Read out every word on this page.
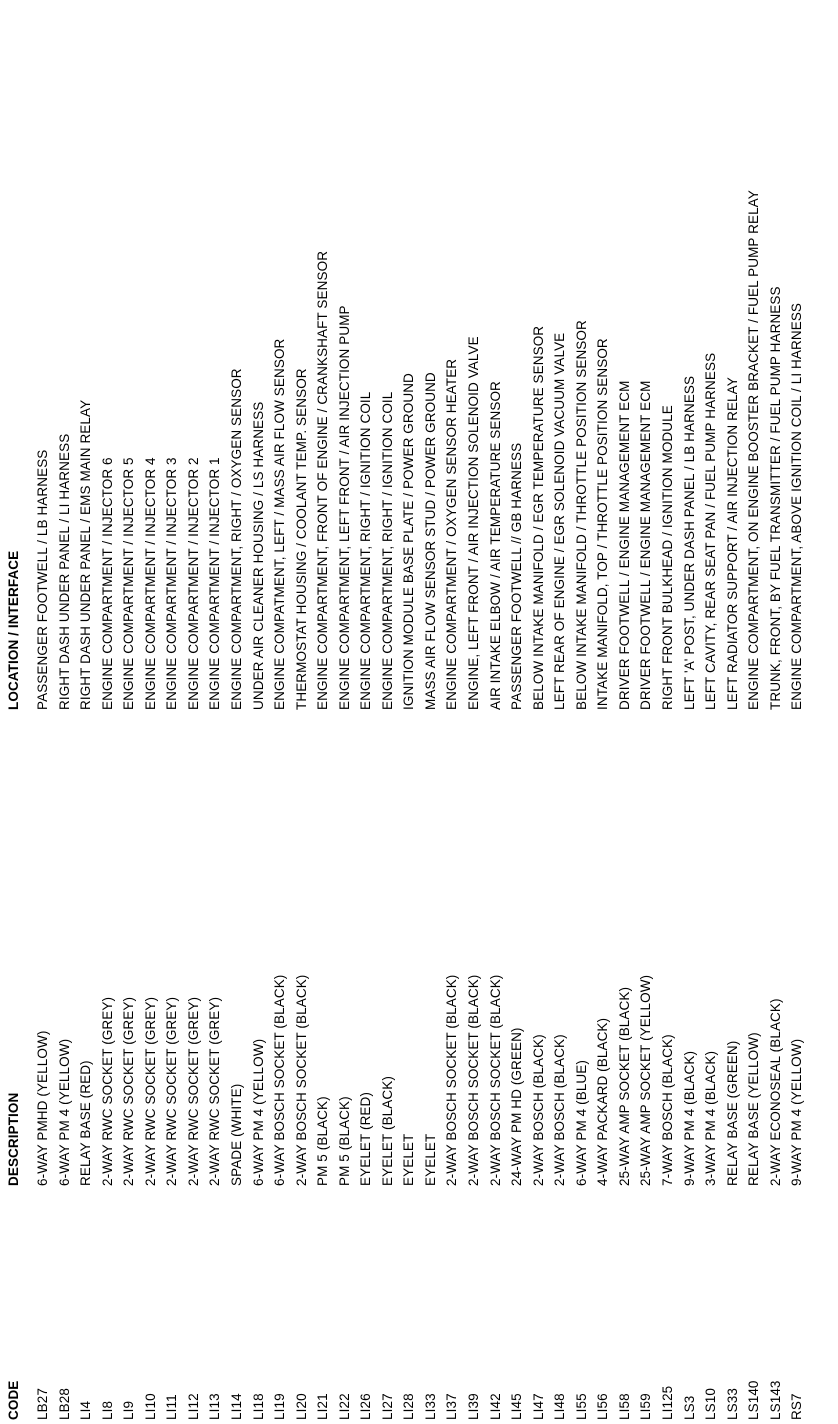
CODE
DESCRIPTION
LOCATION / INTERFACE
LB27
6-WAY PMHD (YELLOW)
PASSENGER FOOTWELL / LB HARNESS
LB28
6-WAY PM 4 (YELLOW)
RIGHT DASH UNDER PANEL / LI HARNESS
LI4
RELAY BASE (RED)
RIGHT DASH UNDER PANEL / EMS MAIN RELAY
LI8
2-WAY RWC SOCKET (GREY)
ENGINE COMPARTMENT / INJECTOR 6
LI9
2-WAY RWC SOCKET (GREY)
ENGINE COMPARTMENT / INJECTOR 5
LI10
2-WAY RWC SOCKET (GREY)
ENGINE COMPARTMENT / INJECTOR 4
LI11
2-WAY RWC SOCKET (GREY)
ENGINE COMPARTMENT / INJECTOR 3
LI12
2-WAY RWC SOCKET (GREY)
ENGINE COMPARTMENT / INJECTOR 2
LI13
2-WAY RWC SOCKET (GREY)
ENGINE COMPARTMENT / INJECTOR 1
LI14
SPADE (WHITE)
ENGINE COMPARTMENT, RIGHT / OXYGEN SENSOR
LI18
6-WAY PM 4 (YELLOW)
UNDER AIR CLEANER HOUSING / LS HARNESS
LI19
6-WAY BOSCH SOCKET (BLACK)
ENGINE COMPATMENT, LEFT / MASS AIR FLOW SENSOR
LI20
2-WAY BOSCH SOCKET (BLACK)
THERMOSTAT HOUSING / COOLANT TEMP. SENSOR
LI21
PM 5 (BLACK)
ENGINE COMPARTMENT, FRONT OF ENGINE / CRANKSHAFT SENSOR
LI22
PM 5 (BLACK)
ENGINE COMPARTMENT, LEFT FRONT / AIR INJECTION PUMP
LI26
EYELET (RED)
ENGINE COMPARTMENT, RIGHT / IGNITION COIL
LI27
EYELET (BLACK)
ENGINE COMPARTMENT, RIGHT / IGNITION COIL
LI28
EYELET
IGNITION MODULE BASE PLATE / POWER GROUND
LI33
EYELET
MASS AIR FLOW SENSOR STUD / POWER GROUND
LI37
2-WAY BOSCH SOCKET (BLACK)
ENGINE COMPARTMENT / OXYGEN SENSOR HEATER
LI39
2-WAY BOSCH SOCKET (BLACK)
ENGINE, LEFT FRONT / AIR INJECTION SOLENOID VALVE
LI42
2-WAY BOSCH SOCKET (BLACK)
AIR INTAKE ELBOW / AIR TEMPERATURE SENSOR
LI45
24-WAY PM HD (GREEN)
PASSENGER FOOTWELL // GB HARNESS
LI47
2-WAY BOSCH (BLACK)
BELOW INTAKE MANIFOLD / EGR TEMPERATURE SENSOR
LI48
2-WAY BOSCH (BLACK)
LEFT REAR OF ENGINE / EGR SOLENOID VACUUM VALVE
LI55
6-WAY PM 4 (BLUE)
BELOW INTAKE MANIFOLD / THROTTLE POSITION SENSOR
LI56
4-WAY PACKARD (BLACK)
INTAKE MANIFOLD, TOP / THROTTLE POSITION SENSOR
LI58
25-WAY AMP SOCKET (BLACK)
DRIVER FOOTWELL / ENGINE MANAGEMENT ECM
LI59
25-WAY AMP SOCKET (YELLOW)
DRIVER FOOTWELL / ENGINE MANAGEMENT ECM
LI125
7-WAY BOSCH (BLACK)
RIGHT FRONT BULKHEAD / IGNITION MODULE
LS3
9-WAY PM 4 (BLACK)
LEFT 'A' POST, UNDER DASH PANEL / LB HARNESS
LS10
3-WAY PM 4 (BLACK)
LEFT CAVITY, REAR SEAT PAN / FUEL PUMP HARNESS
LS33
RELAY BASE (GREEN)
LEFT RADIATOR SUPPORT / AIR INJECTION RELAY
LS140
RELAY BASE (YELLOW)
ENGINE COMPARTMENT, ON ENGINE BOOSTER BRACKET / FUEL PUMP RELAY
LS143
2-WAY ECONOSEAL (BLACK)
TRUNK, FRONT, BY FUEL TRANSMITTER / FUEL PUMP HARNESS
RS7
9-WAY PM 4 (YELLOW)
ENGINE COMPARTMENT, ABOVE IGNITION COIL / LI HARNESS
